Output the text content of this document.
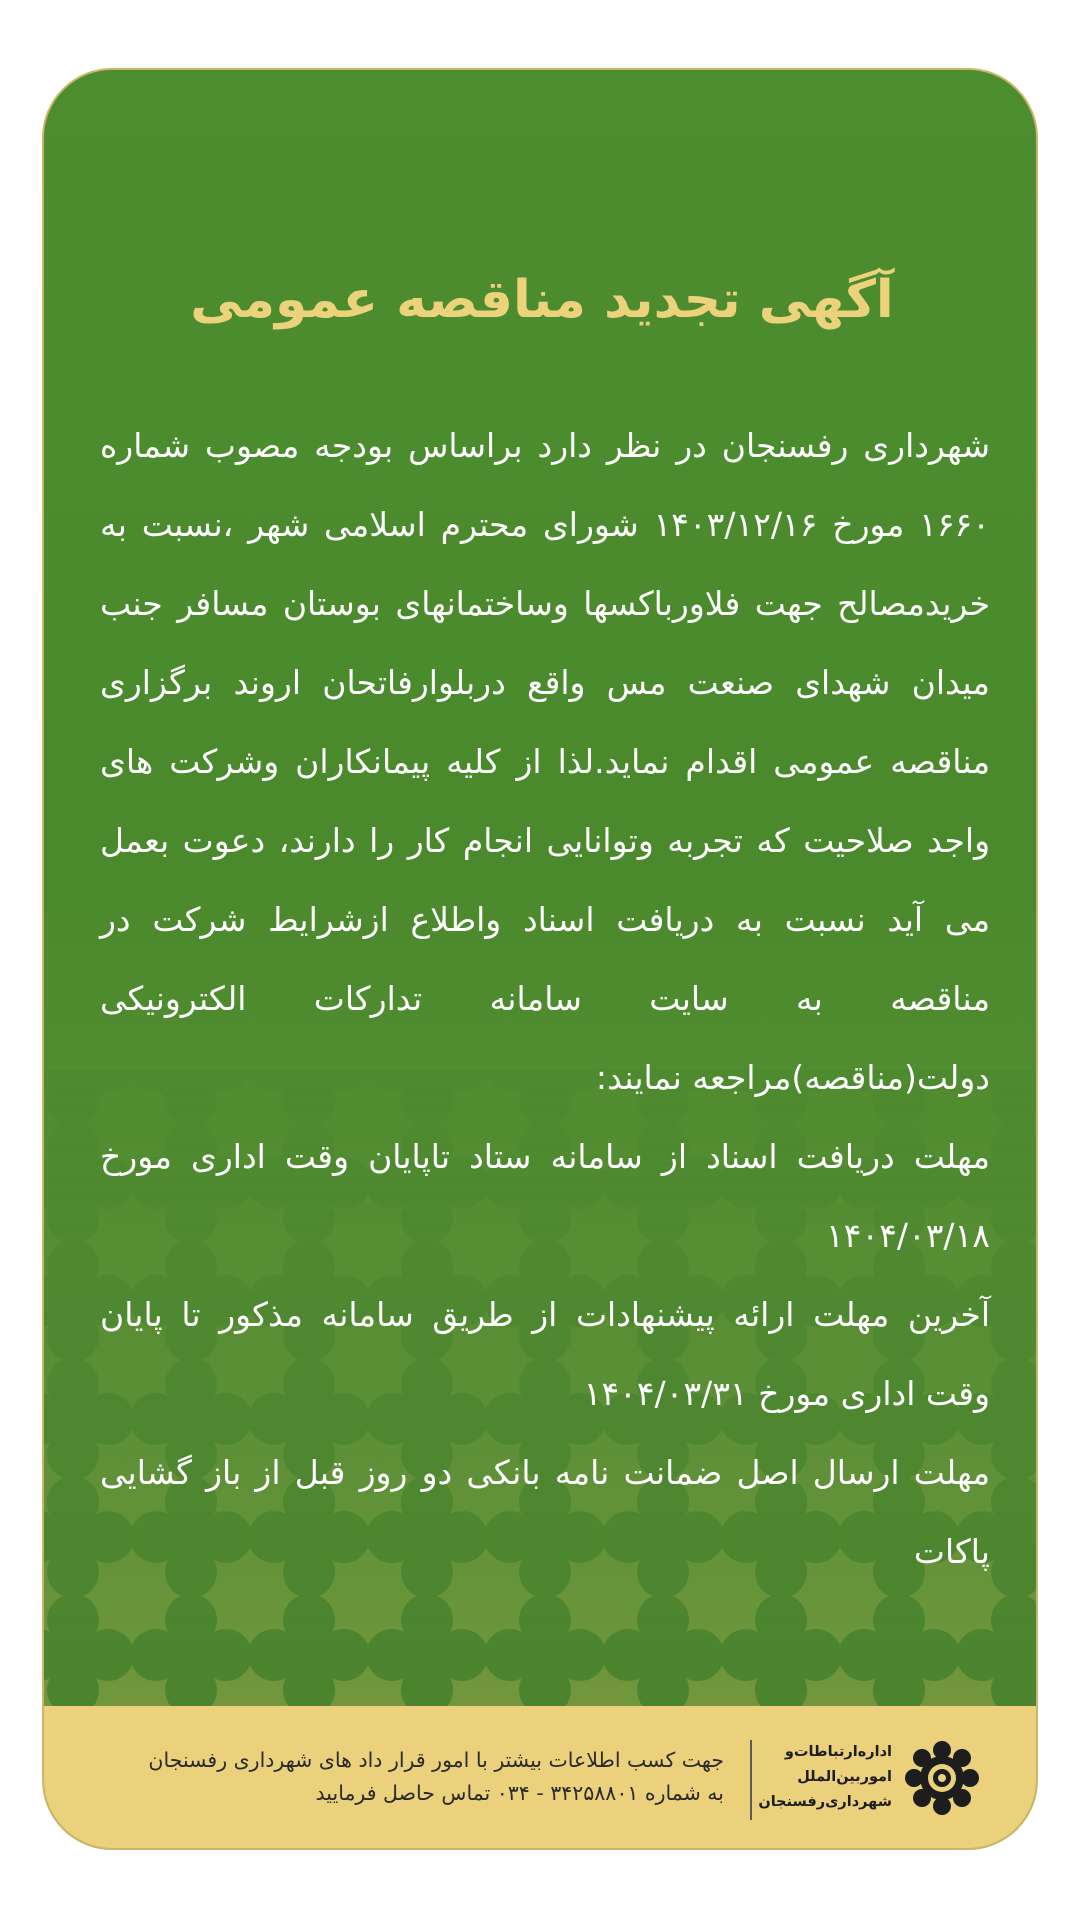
آگهی تجدید مناقصه عمومی

شهرداری رفسنجان در نظر دارد براساس بودجه مصوب شماره ۱۶۶۰ مورخ ۱۴۰۳/۱۲/۱۶ شورای محترم اسلامی شهر ،نسبت به خریدمصالح جهت فلاورباکسها وساختمانهای بوستان مسافر جنب میدان شهدای صنعت مس واقع دربلوارفاتحان اروند برگزاری مناقصه عمومی اقدام نماید.لذا از کلیه پیمانکاران وشرکت های واجد صلاحیت که تجربه وتوانایی انجام کار را دارند، دعوت بعمل می آید نسبت به دریافت اسناد واطلاع ازشرایط شرکت در مناقصه به سایت سامانه تدارکات الکترونیکی دولت(مناقصه)مراجعه نمایند:

مهلت دریافت اسناد از سامانه ستاد تاپایان وقت اداری مورخ ۱۴۰۴/۰۳/۱۸

آخرین مهلت ارائه پیشنهادات از طریق سامانه مذکور تا پایان وقت اداری مورخ ۱۴۰۴/۰۳/۳۱

مهلت ارسال اصل ضمانت نامه بانکی دو روز قبل از باز گشایی پاکات

اداره‌ارتباطات‌و
امور‌بین‌الملل
شهرداری‌رفسنجان
جهت کسب اطلاعات بیشتر با امور قرار داد های شهرداری رفسنجان
به شماره ۳۴۲۵۸۸۰۱ - ۰۳۴ تماس حاصل فرمایید
